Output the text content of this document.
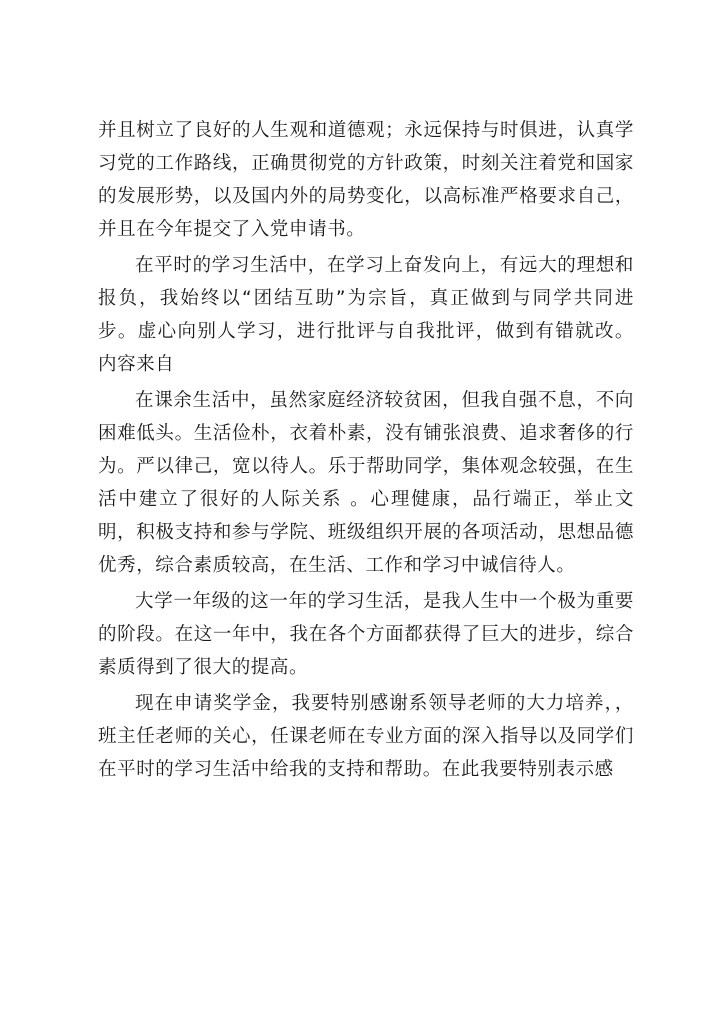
并且树立了良好的人生观和道德观；永远保持与时俱进，认真学习党的工作路线，正确贯彻党的方针政策，时刻关注着党和国家的发展形势，以及国内外的局势变化，以高标准严格要求自己，并且在今年提交了入党申请书。

在平时的学习生活中，在学习上奋发向上，有远大的理想和报负，我始终以“团结互助”为宗旨，真正做到与同学共同进步。虚心向别人学习，进行批评与自我批评，做到有错就改。 内容来自

在课余生活中，虽然家庭经济较贫困，但我自强不息，不向困难低头。生活俭朴，衣着朴素，没有铺张浪费、追求奢侈的行为。严以律己，宽以待人。乐于帮助同学，集体观念较强，在生活中建立了很好的人际关系 。心理健康，品行端正，举止文明，积极支持和参与学院、班级组织开展的各项活动，思想品德优秀，综合素质较高，在生活、工作和学习中诚信待人。

大学一年级的这一年的学习生活，是我人生中一个极为重要的阶段。在这一年中，我在各个方面都获得了巨大的进步，综合素质得到了很大的提高。

现在申请奖学金，我要特别感谢系领导老师的大力培养，，班主任老师的关心，任课老师在专业方面的深入指导以及同学们在平时的学习生活中给我的支持和帮助。在此我要特别表示感
